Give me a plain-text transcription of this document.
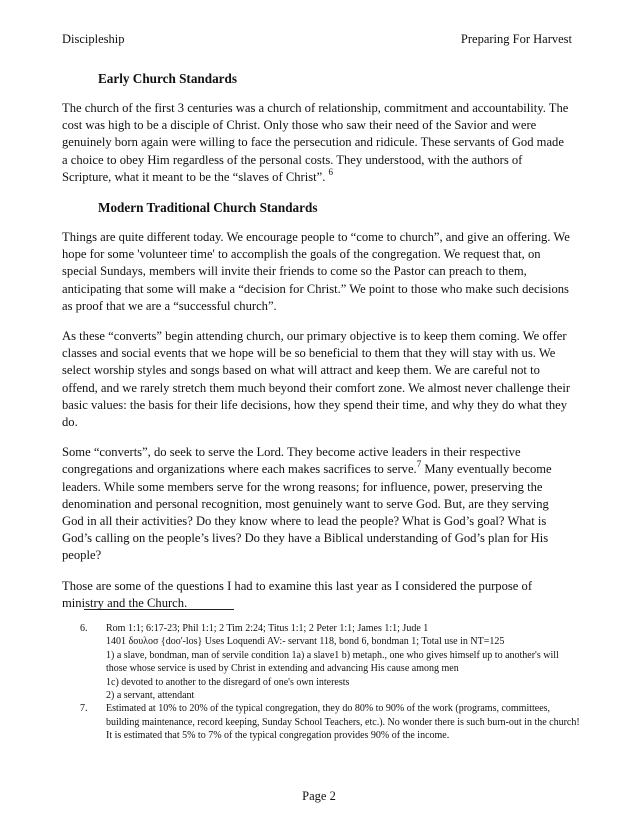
Discipleship	Preparing For Harvest
Early Church Standards

The church of the first 3 centuries was a church of relationship, commitment and accountability. The cost was high to be a disciple of Christ. Only those who saw their need of the Savior and were genuinely born again were willing to face the persecution and ridicule. These servants of God made a choice to obey Him regardless of the personal costs. They understood, with the authors of Scripture, what it meant to be the “slaves of Christ”. $^6$

Modern Traditional Church Standards

Things are quite different today. We encourage people to “come to church”, and give an offering. We hope for some 'volunteer time' to accomplish the goals of the congregation. We request that, on special Sundays, members will invite their friends to come so the Pastor can preach to them, anticipating that some will make a “decision for Christ.” We point to those who make such decisions as proof that we are a “successful church”.

As these “converts” begin attending church, our primary objective is to keep them coming. We offer classes and social events that we hope will be so beneficial to them that they will stay with us. We select worship styles and songs based on what will attract and keep them. We are careful not to offend, and we rarely stretch them much beyond their comfort zone. We almost never challenge their basic values: the basis for their life decisions, how they spend their time, and why they do what they do.

Some “converts”, do seek to serve the Lord. They become active leaders in their respective congregations and organizations where each makes sacrifices to serve.$^7$ Many eventually become leaders. While some members serve for the wrong reasons; for influence, power, preserving the denomination and personal recognition, most genuinely want to serve God. But, are they serving God in all their activities? Do they know where to lead the people? What is God’s goal? What is God’s calling on the people’s lives? Do they have a Biblical understanding of God’s plan for His people?

Those are some of the questions I had to examine this last year as I considered the purpose of ministry and the Church.

6.	Rom 1:1; 6:17-23; Phil 1:1; 2 Tim 2:24; Titus 1:1; 2 Peter 1:1; James 1:1; Jude 1
1401 δουλοσ {doo'-los} Uses Loquendi AV:- servant 118, bond 6, bondman 1; Total use in NT=125
1) a slave, bondman, man of servile condition 1a) a slave1 b) metaph., one who gives himself up to another's will those whose service is used by Christ in extending and advancing His cause among men
1c) devoted to another to the disregard of one's own interests
2) a servant, attendant
7.	Estimated at 10% to 20% of the typical congregation, they do 80% to 90% of the work (programs, committees, building maintenance, record keeping, Sunday School Teachers, etc.). No wonder there is such burn-out in the church!
It is estimated that 5% to 7% of the typical congregation provides 90% of the income.
Page 2
